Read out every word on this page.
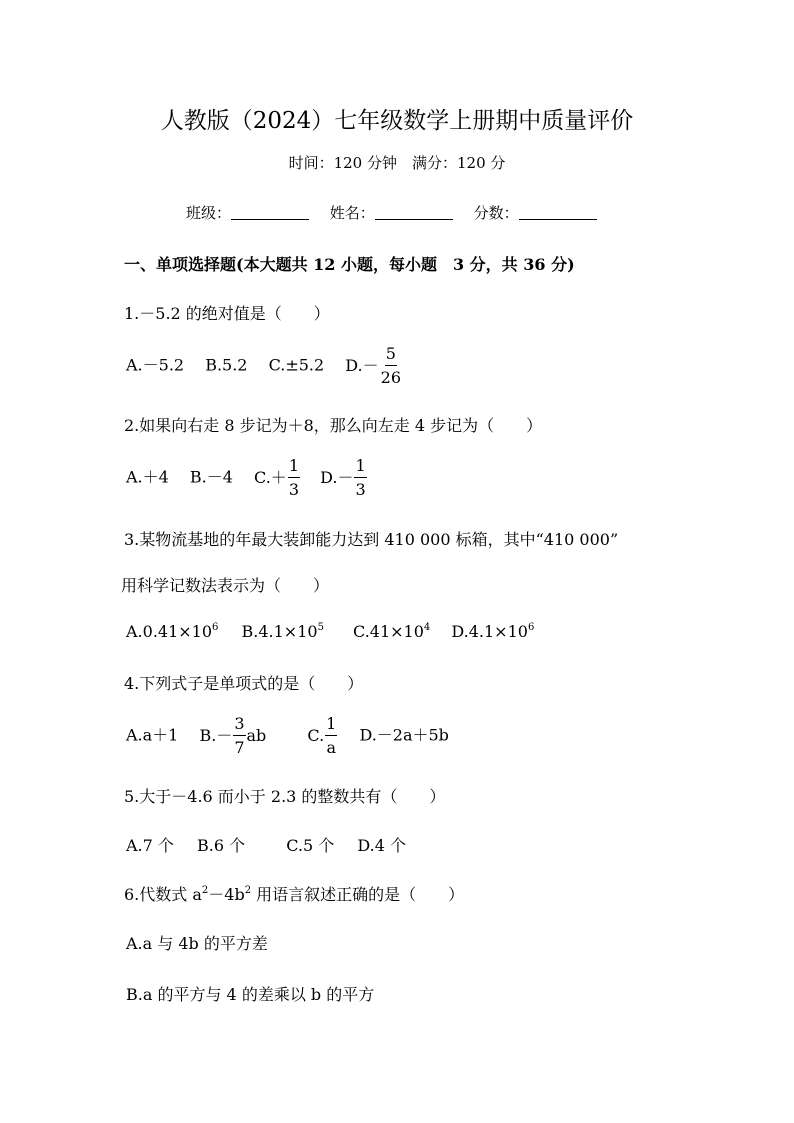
人教版（2024）七年级数学上册期中质量评价
时间：120 分钟　满分：120 分
班级：	姓名：	分数：
一、单项选择题(本大题共 12 小题，每小题　3 分，共 36 分)
1.－5.2 的绝对值是（　　）
A.－5.2 B.5.2 C.±5.2 $D.- \frac{5}{26}$
2.如果向右走 8 步记为＋8，那么向左走 4 步记为（　　）
A.＋4 B.－4 $C.+ \frac{1}{3} D.- \frac{1}{3}$
3.某物流基地的年最大装卸能力达到 410 000 标箱，其中“410 000”
用科学记数法表示为（　　）
$A.0.41\times 10^6$ $B.4.1\times 10^5$ $C.41\times 10^4$ $D.4.1\times 10^6$
4.下列式子是单项式的是（　　）
A.a＋1 $B.- \frac{3}{7}$ ab	C. $\frac{1}{a} D.-2a+5b$
5.大于－4.6 而小于 2.3 的整数共有（　　）
A.7 个 B.6 个	C.5 个 D.4 个
6.代数式 $a^2-4b^2$ 用语言叙述正确的是（　　）
A.a 与 4b 的平方差
B.a 的平方与 4 的差乘以 b 的平方
